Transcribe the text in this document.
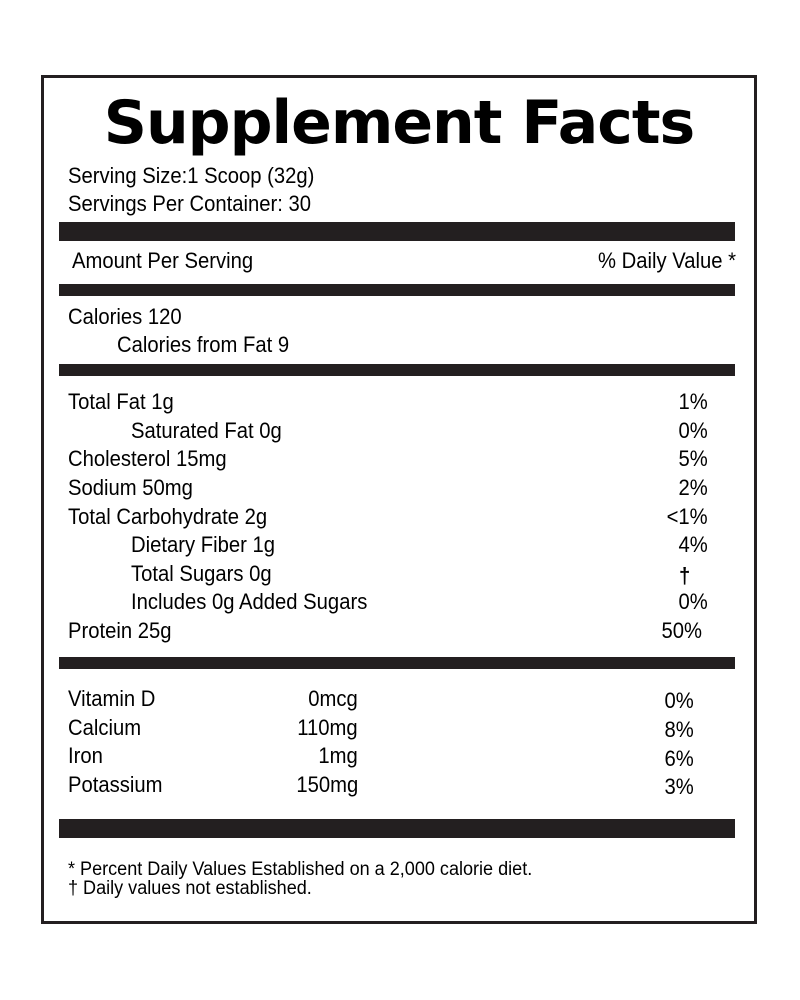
Supplement Facts
Serving Size:1 Scoop (32g)
Servings Per Container: 30
Amount Per Serving	% Daily Value *
Calories 120
Calories from Fat 9
Total Fat 1g	1%
Saturated Fat 0g	0%
Cholesterol 15mg	5%
Sodium 50mg	2%
Total Carbohydrate 2g	<1%
Dietary Fiber 1g	4%
Total Sugars 0g	†
Includes 0g Added Sugars	0%
Protein 25g	50%
Vitamin D	0mcg	0%
Calcium	110mg	8%
Iron	1mg	6%
Potassium	150mg	3%
* Percent Daily Values Established on a 2,000 calorie diet.
† Daily values not established.
